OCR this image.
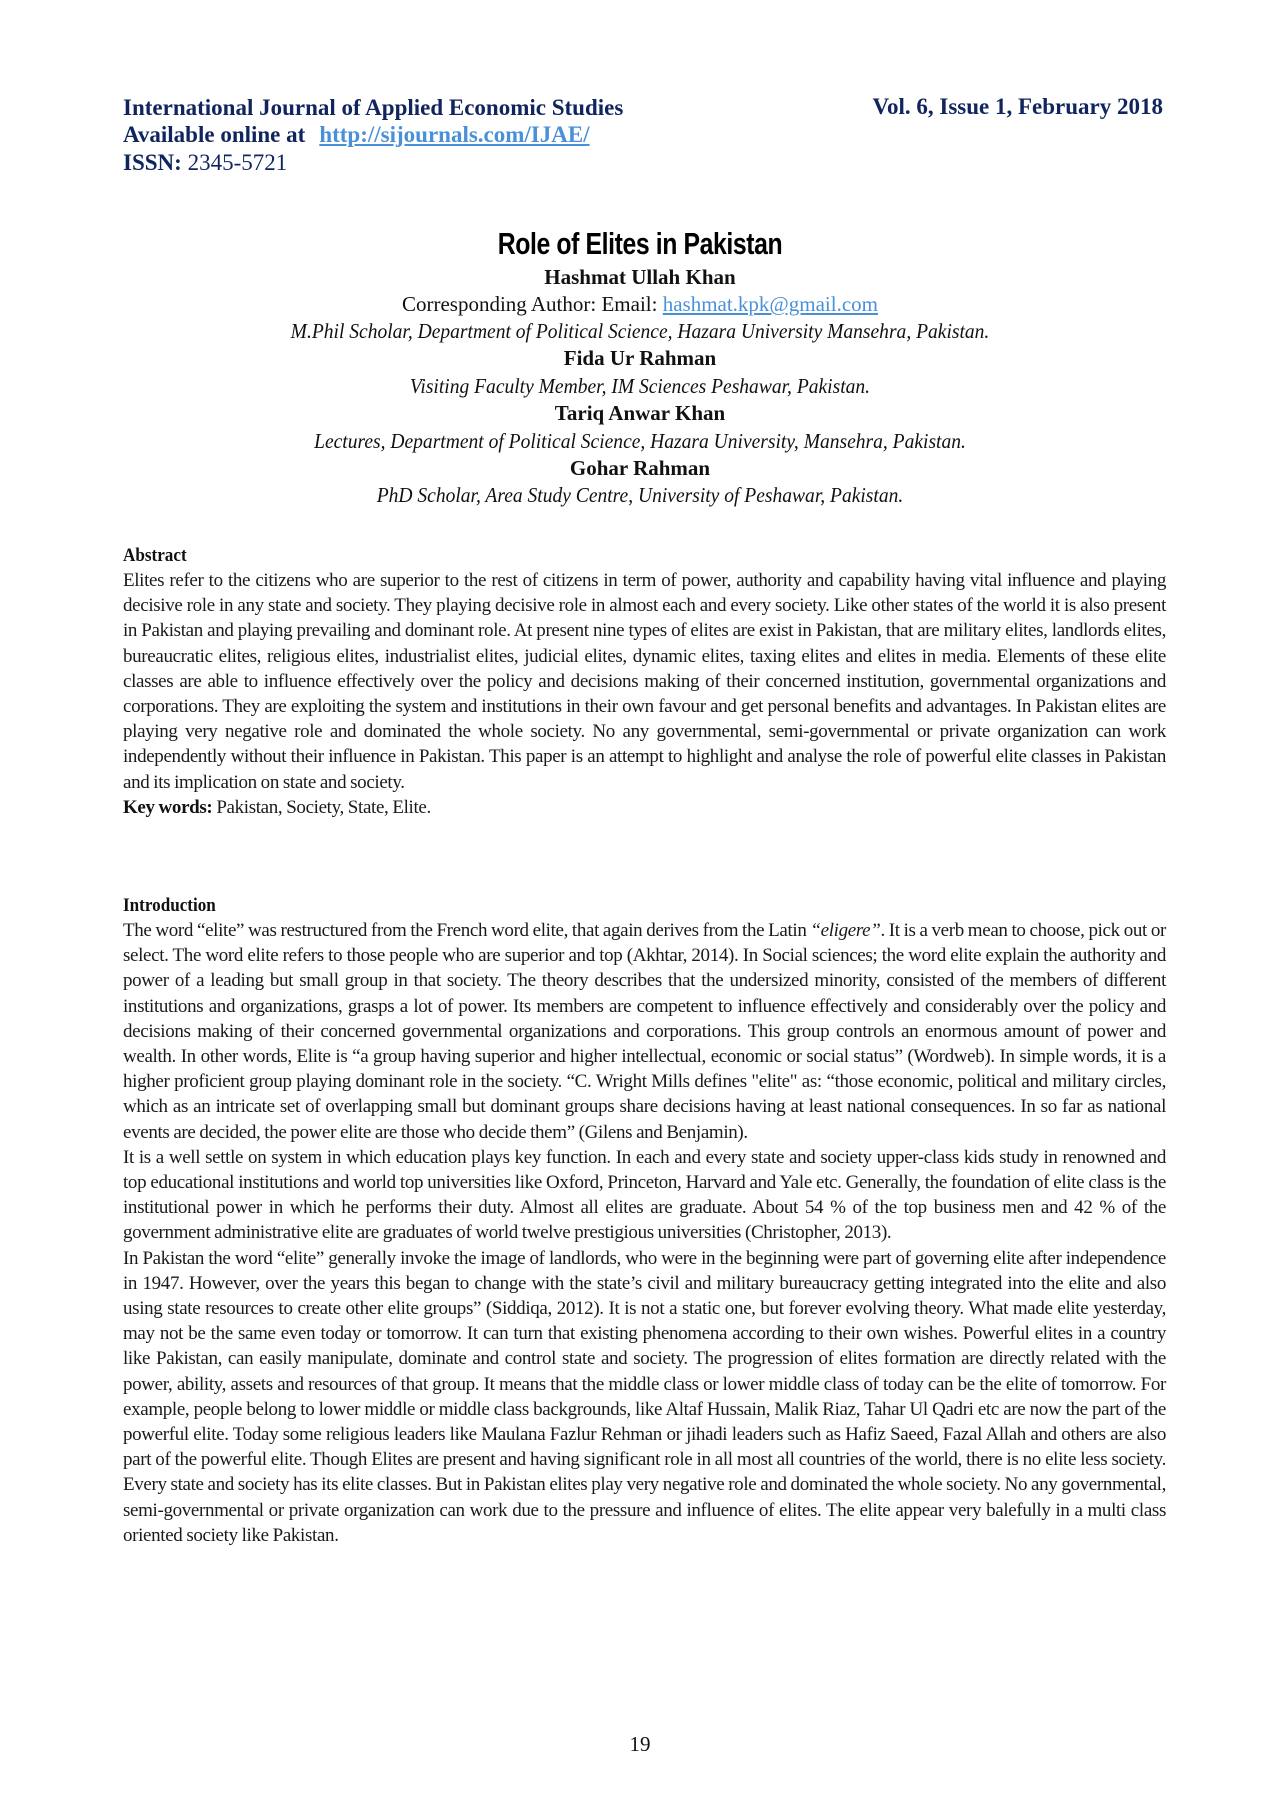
International Journal of Applied Economic Studies	Vol. 6, Issue 1, February 2018
Available online at http://sijournals.com/IJAE/
ISSN: 2345-5721
Role of Elites in Pakistan
Hashmat Ullah Khan
Corresponding Author: Email: hashmat.kpk@gmail.com
M.Phil Scholar, Department of Political Science, Hazara University Mansehra, Pakistan.
Fida Ur Rahman
Visiting Faculty Member, IM Sciences Peshawar, Pakistan.
Tariq Anwar Khan
Lectures, Department of Political Science, Hazara University, Mansehra, Pakistan.
Gohar Rahman
PhD Scholar, Area Study Centre, University of Peshawar, Pakistan.
Abstract

Elites refer to the citizens who are superior to the rest of citizens in term of power, authority and capability having vital influence and playing decisive role in any state and society. They playing decisive role in almost each and every society. Like other states of the world it is also present in Pakistan and playing prevailing and dominant role. At present nine types of elites are exist in Pakistan, that are military elites, landlords elites, bureaucratic elites, religious elites, industrialist elites, judicial elites, dynamic elites, taxing elites and elites in media. Elements of these elite classes are able to influence effectively over the policy and decisions making of their concerned institution, governmental organizations and corporations. They are exploiting the system and institutions in their own favour and get personal benefits and advantages. In Pakistan elites are playing very negative role and dominated the whole society. No any governmental, semi-governmental or private organization can work independently without their influence in Pakistan. This paper is an attempt to highlight and analyse the role of powerful elite classes in Pakistan and its implication on state and society.

Key words: Pakistan, Society, State, Elite.

Introduction

The word “elite” was restructured from the French word elite, that again derives from the Latin “eligere”. It is a verb mean to choose, pick out or select. The word elite refers to those people who are superior and top (Akhtar, 2014). In Social sciences; the word elite explain the authority and power of a leading but small group in that society. The theory describes that the undersized minority, consisted of the members of different institutions and organizations, grasps a lot of power. Its members are competent to influence effectively and considerably over the policy and decisions making of their concerned governmental organizations and corporations. This group controls an enormous amount of power and wealth. In other words, Elite is “a group having superior and higher intellectual, economic or social status” (Wordweb). In simple words, it is a higher proficient group playing dominant role in the society. “C. Wright Mills defines "elite" as: “those economic, political and military circles, which as an intricate set of overlapping small but dominant groups share decisions having at least national consequences. In so far as national events are decided, the power elite are those who decide them” (Gilens and Benjamin).

It is a well settle on system in which education plays key function. In each and every state and society upper-class kids study in renowned and top educational institutions and world top universities like Oxford, Princeton, Harvard and Yale etc. Generally, the foundation of elite class is the institutional power in which he performs their duty. Almost all elites are graduate. About 54 % of the top business men and 42 % of the government administrative elite are graduates of world twelve prestigious universities (Christopher, 2013).

In Pakistan the word “elite” generally invoke the image of landlords, who were in the beginning were part of governing elite after independence in 1947. However, over the years this began to change with the state’s civil and military bureaucracy getting integrated into the elite and also using state resources to create other elite groups” (Siddiqa, 2012). It is not a static one, but forever evolving theory. What made elite yesterday, may not be the same even today or tomorrow. It can turn that existing phenomena according to their own wishes. Powerful elites in a country like Pakistan, can easily manipulate, dominate and control state and society. The progression of elites formation are directly related with the power, ability, assets and resources of that group. It means that the middle class or lower middle class of today can be the elite of tomorrow. For example, people belong to lower middle or middle class backgrounds, like Altaf Hussain, Malik Riaz, Tahar Ul Qadri etc are now the part of the powerful elite. Today some religious leaders like Maulana Fazlur Rehman or jihadi leaders such as Hafiz Saeed, Fazal Allah and others are also part of the powerful elite. Though Elites are present and having significant role in all most all countries of the world, there is no elite less society. Every state and society has its elite classes. But in Pakistan elites play very negative role and dominated the whole society. No any governmental, semi-governmental or private organization can work due to the pressure and influence of elites. The elite appear very balefully in a multi class oriented society like Pakistan.

19
